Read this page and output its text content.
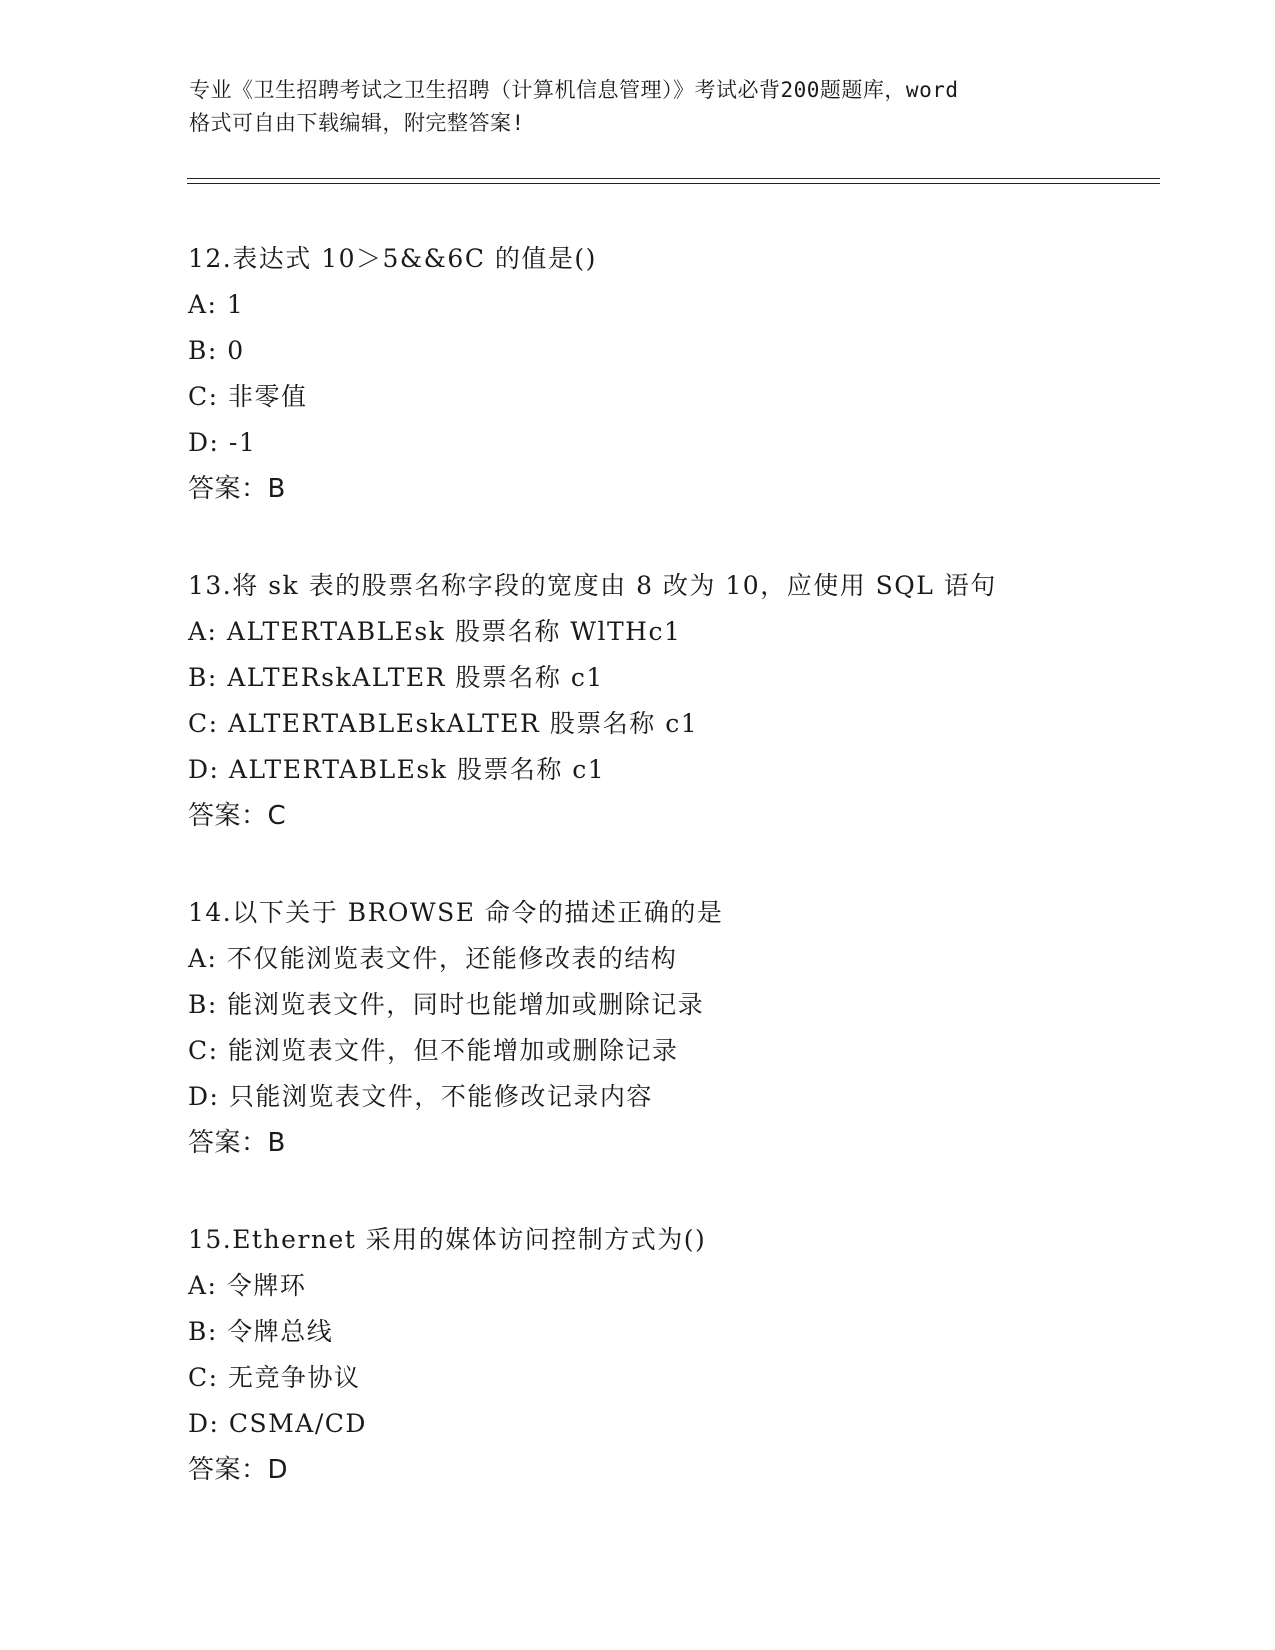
专业《卫生招聘考试之卫生招聘（计算机信息管理）》考试必背200题题库，word
格式可自由下载编辑，附完整答案!
12.表达式 10＞5&&6C 的值是()
A: 1
B: 0
C: 非零值
D: -1
答案：B
13.将 sk 表的股票名称字段的宽度由 8 改为 10，应使用 SQL 语句
A: ALTERTABLEsk 股票名称 WlTHc1
B: ALTERskALTER 股票名称 c1
C: ALTERTABLEskALTER 股票名称 c1
D: ALTERTABLEsk 股票名称 c1
答案：C
14.以下关于 BROWSE 命令的描述正确的是
A: 不仅能浏览表文件，还能修改表的结构
B: 能浏览表文件，同时也能增加或删除记录
C: 能浏览表文件，但不能增加或删除记录
D: 只能浏览表文件，不能修改记录内容
答案：B
15.Ethernet 采用的媒体访问控制方式为()
A: 令牌环
B: 令牌总线
C: 无竞争协议
D: CSMA/CD
答案：D
